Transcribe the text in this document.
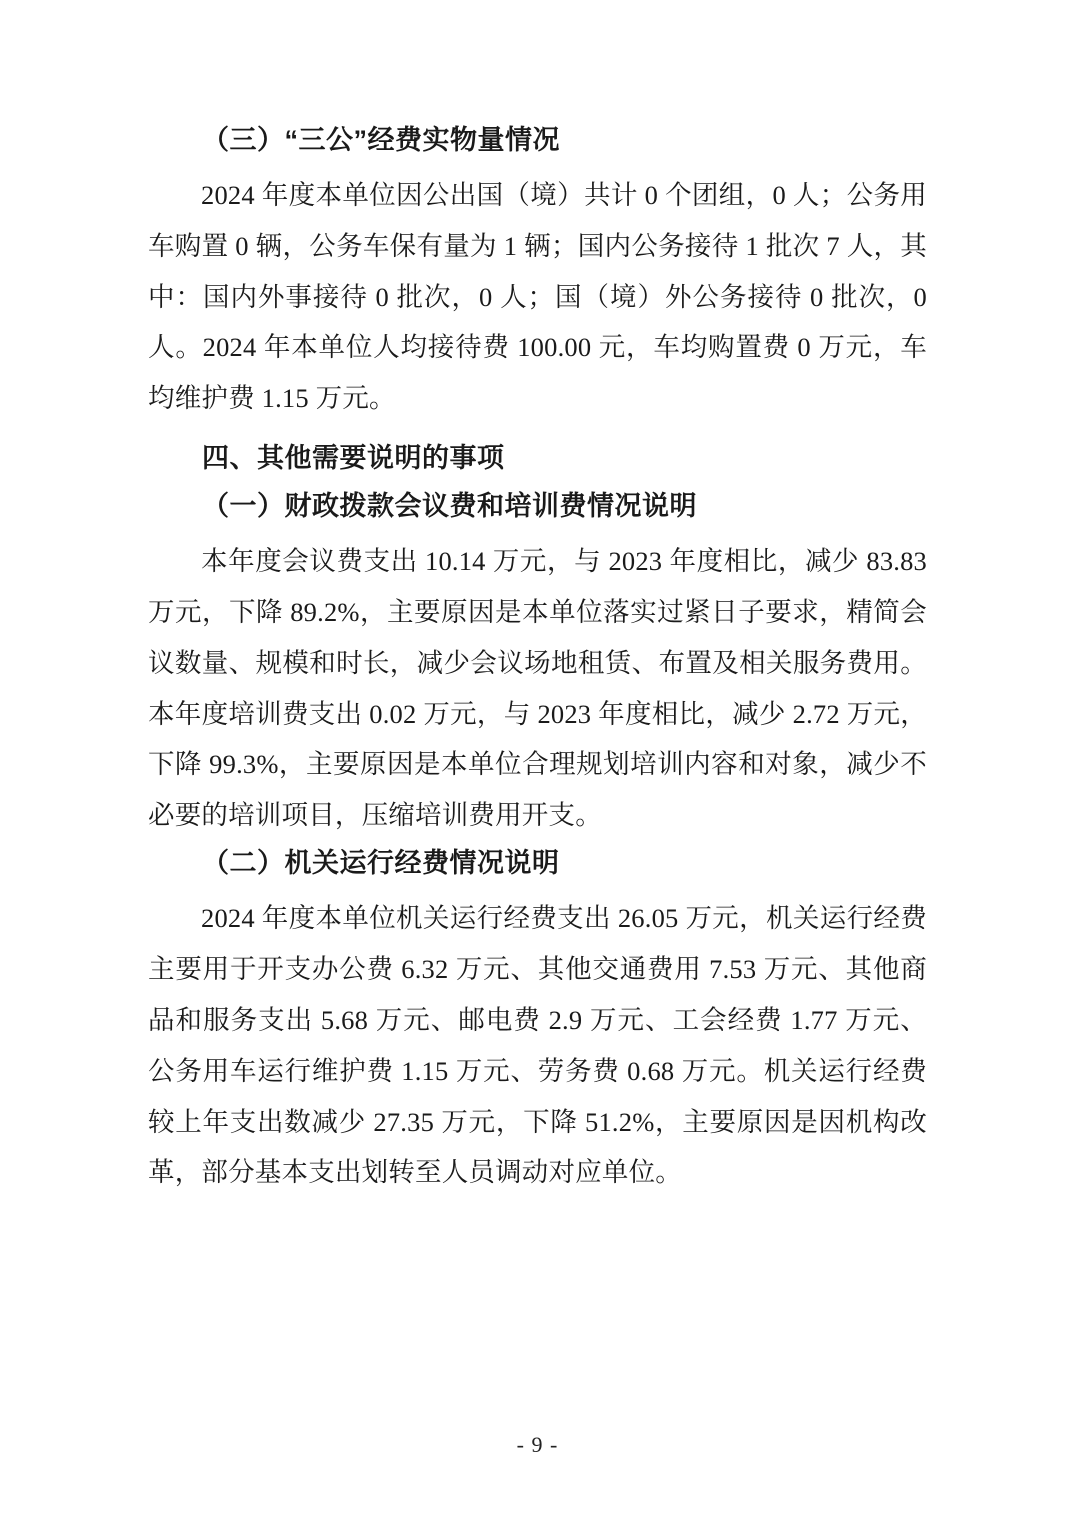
（三）“三公”经费实物量情况

2024 年度本单位因公出国（境）共计 0 个团组，0 人；公务用车购置 0 辆，公务车保有量为 1 辆；国内公务接待 1 批次 7 人，其中：国内外事接待 0 批次，0 人；国（境）外公务接待 0 批次，0 人。2024 年本单位人均接待费 100.00 元，车均购置费 0 万元，车均维护费 1.15 万元。

四、其他需要说明的事项
（一）财政拨款会议费和培训费情况说明

本年度会议费支出 10.14 万元，与 2023 年度相比，减少 83.83 万元，下降 89.2%，主要原因是本单位落实过紧日子要求，精简会议数量、规模和时长，减少会议场地租赁、布置及相关服务费用。本年度培训费支出 0.02 万元，与 2023 年度相比，减少 2.72 万元，下降 99.3%，主要原因是本单位合理规划培训内容和对象，减少不必要的培训项目，压缩培训费用开支。

（二）机关运行经费情况说明

2024 年度本单位机关运行经费支出 26.05 万元，机关运行经费主要用于开支办公费 6.32 万元、其他交通费用 7.53 万元、其他商品和服务支出 5.68 万元、邮电费 2.9 万元、工会经费 1.77 万元、公务用车运行维护费 1.15 万元、劳务费 0.68 万元。机关运行经费较上年支出数减少 27.35 万元，下降 51.2%，主要原因是因机构改革，部分基本支出划转至人员调动对应单位。

- 9 -
